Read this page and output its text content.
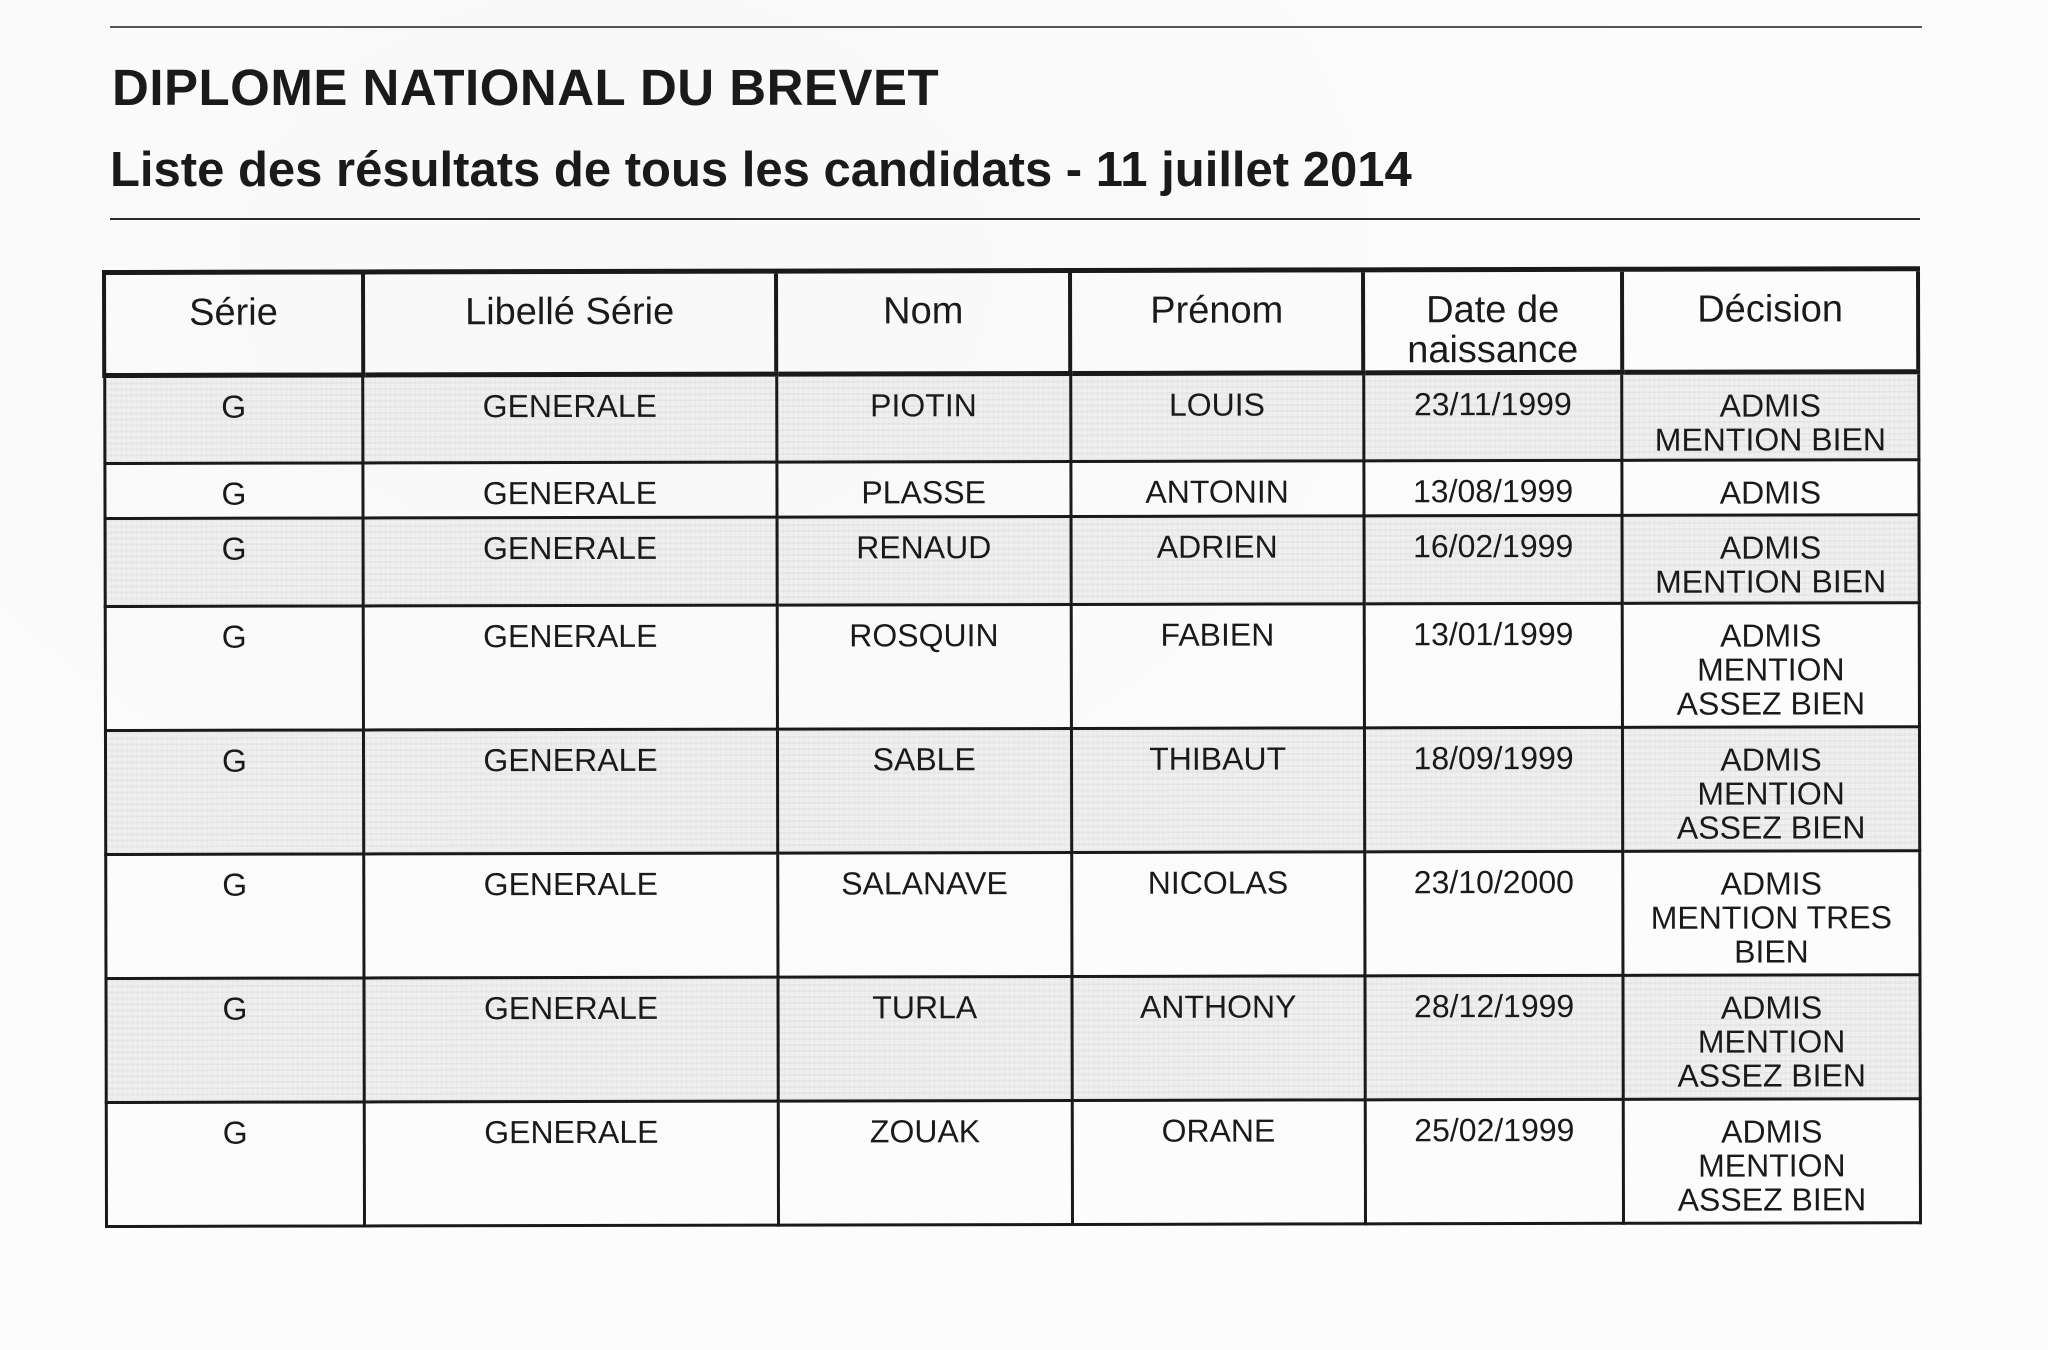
DIPLOME NATIONAL DU BREVET
Liste des résultats de tous les candidats - 11 juillet 2014
Série	Libellé Série	Nom	Prénom	Date de naissance	Décision
G	GENERALE	PIOTIN	LOUIS	23/11/1999	ADMIS
MENTION BIEN

G	GENERALE	PLASSE	ANTONIN	13/08/1999	ADMIS

G	GENERALE	RENAUD	ADRIEN	16/02/1999	ADMIS
MENTION BIEN

G	GENERALE	ROSQUIN	FABIEN	13/01/1999	ADMIS
MENTION
ASSEZ BIEN

G	GENERALE	SABLE	THIBAUT	18/09/1999	ADMIS
MENTION
ASSEZ BIEN

G	GENERALE	SALANAVE	NICOLAS	23/10/2000	ADMIS
MENTION TRES
BIEN

G	GENERALE	TURLA	ANTHONY	28/12/1999	ADMIS
MENTION
ASSEZ BIEN

G	GENERALE	ZOUAK	ORANE	25/02/1999	ADMIS
MENTION
ASSEZ BIEN
